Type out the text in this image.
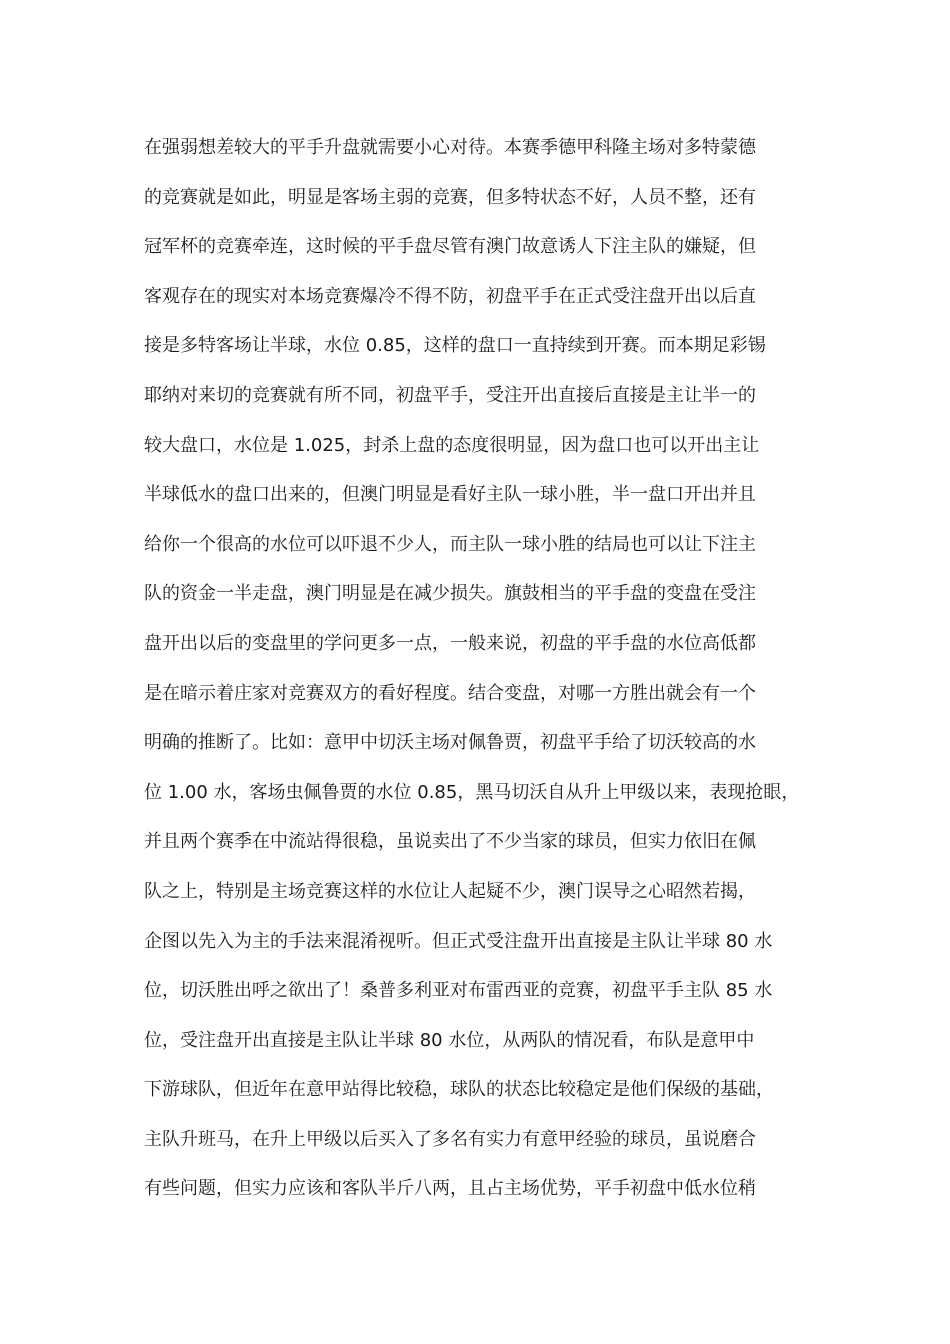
在强弱想差较大的平手升盘就需要小心对待。本赛季德甲科隆主场对多特蒙德
的竞赛就是如此，明显是客场主弱的竞赛，但多特状态不好，人员不整，还有
冠军杯的竞赛牵连，这时候的平手盘尽管有澳门故意诱人下注主队的嫌疑，但
客观存在的现实对本场竞赛爆冷不得不防，初盘平手在正式受注盘开出以后直
接是多特客场让半球，水位 0.85，这样的盘口一直持续到开赛。而本期足彩锡
耶纳对来切的竞赛就有所不同，初盘平手，受注开出直接后直接是主让半一的
较大盘口，水位是 1.025，封杀上盘的态度很明显，因为盘口也可以开出主让
半球低水的盘口出来的，但澳门明显是看好主队一球小胜，半一盘口开出并且
给你一个很高的水位可以吓退不少人，而主队一球小胜的结局也可以让下注主
队的资金一半走盘，澳门明显是在减少损失。旗鼓相当的平手盘的变盘在受注
盘开出以后的变盘里的学问更多一点，一般来说，初盘的平手盘的水位高低都
是在暗示着庄家对竞赛双方的看好程度。结合变盘，对哪一方胜出就会有一个
明确的推断了。比如：意甲中切沃主场对佩鲁贾，初盘平手给了切沃较高的水
位 1.00 水，客场虫佩鲁贾的水位 0.85，黑马切沃自从升上甲级以来，表现抢眼，
并且两个赛季在中流站得很稳，虽说卖出了不少当家的球员，但实力依旧在佩
队之上，特别是主场竞赛这样的水位让人起疑不少，澳门误导之心昭然若揭，
企图以先入为主的手法来混淆视听。但正式受注盘开出直接是主队让半球 80 水
位，切沃胜出呼之欲出了！桑普多利亚对布雷西亚的竞赛，初盘平手主队 85 水
位，受注盘开出直接是主队让半球 80 水位，从两队的情况看，布队是意甲中
下游球队，但近年在意甲站得比较稳，球队的状态比较稳定是他们保级的基础，
主队升班马，在升上甲级以后买入了多名有实力有意甲经验的球员，虽说磨合
有些问题，但实力应该和客队半斤八两，且占主场优势，平手初盘中低水位稍
